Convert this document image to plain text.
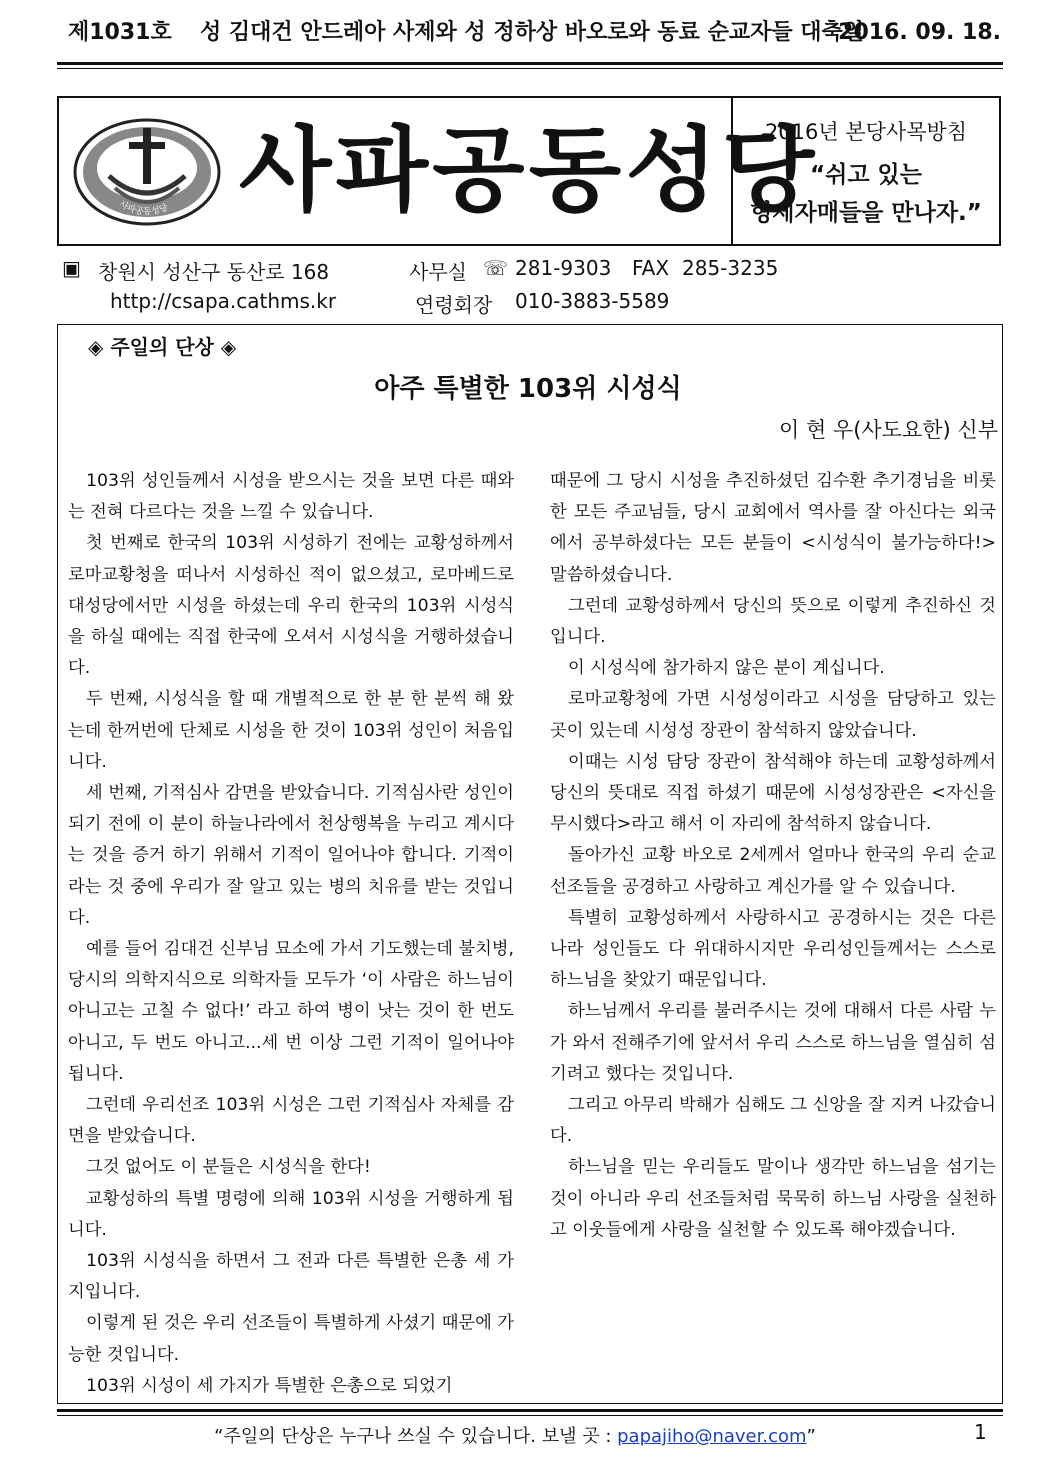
제1031호 성 김대건 안드레아 사제와 성 정하상 바오로와 동료 순교자들 대축일
2016. 09. 18.
사파공동성당 사파공동성당
2016년 본당사목방침
“쉬고 있는
형제자매들을 만나자.”
▣ 창원시 성산구 동산로 168	사무실 ☏ 281-9303 FAX 285-3235
http://csapa.cathms.kr	연령회장 010-3883-5589
◈ 주일의 단상 ◈
아주 특별한 103위 시성식
이 현 우(사도요한) 신부

103위 성인들께서 시성을 받으시는 것을 보면 다른 때와는 전혀 다르다는 것을 느낄 수 있습니다.

첫 번째로 한국의 103위 시성하기 전에는 교황성하께서 로마교황청을 떠나서 시성하신 적이 없으셨고, 로마베드로 대성당에서만 시성을 하셨는데 우리 한국의 103위 시성식을 하실 때에는 직접 한국에 오셔서 시성식을 거행하셨습니다.

두 번째, 시성식을 할 때 개별적으로 한 분 한 분씩 해 왔는데 한꺼번에 단체로 시성을 한 것이 103위 성인이 처음입니다.

세 번째, 기적심사 감면을 받았습니다. 기적심사란 성인이 되기 전에 이 분이 하늘나라에서 천상행복을 누리고 계시다는 것을 증거 하기 위해서 기적이 일어나야 합니다. 기적이라는 것 중에 우리가 잘 알고 있는 병의 치유를 받는 것입니다.

예를 들어 김대건 신부님 묘소에 가서 기도했는데 불치병, 당시의 의학지식으로 의학자들 모두가 ‘이 사람은 하느님이 아니고는 고칠 수 없다!’ 라고 하여 병이 낫는 것이 한 번도 아니고, 두 번도 아니고...세 번 이상 그런 기적이 일어나야 됩니다.

그런데 우리선조 103위 시성은 그런 기적심사 자체를 감면을 받았습니다.

그것 없어도 이 분들은 시성식을 한다!

교황성하의 특별 명령에 의해 103위 시성을 거행하게 됩니다.

103위 시성식을 하면서 그 전과 다른 특별한 은총 세 가지입니다.

이렇게 된 것은 우리 선조들이 특별하게 사셨기 때문에 가능한 것입니다.

103위 시성이 세 가지가 특별한 은총으로 되었기

때문에 그 당시 시성을 추진하셨던 김수환 추기경님을 비롯한 모든 주교님들, 당시 교회에서 역사를 잘 아신다는 외국에서 공부하셨다는 모든 분들이 <시성식이 불가능하다!> 말씀하셨습니다.

그런데 교황성하께서 당신의 뜻으로 이렇게 추진하신 것입니다.

이 시성식에 참가하지 않은 분이 계십니다.

로마교황청에 가면 시성성이라고 시성을 담당하고 있는 곳이 있는데 시성성 장관이 참석하지 않았습니다.

이때는 시성 담당 장관이 참석해야 하는데 교황성하께서 당신의 뜻대로 직접 하셨기 때문에 시성성장관은 <자신을 무시했다>라고 해서 이 자리에 참석하지 않습니다.

돌아가신 교황 바오로 2세께서 얼마나 한국의 우리 순교선조들을 공경하고 사랑하고 계신가를 알 수 있습니다.

특별히 교황성하께서 사랑하시고 공경하시는 것은 다른 나라 성인들도 다 위대하시지만 우리성인들께서는 스스로 하느님을 찾았기 때문입니다.

하느님께서 우리를 불러주시는 것에 대해서 다른 사람 누가 와서 전해주기에 앞서서 우리 스스로 하느님을 열심히 섬기려고 했다는 것입니다.

그리고 아무리 박해가 심해도 그 신앙을 잘 지켜 나갔습니다.

하느님을 믿는 우리들도 말이나 생각만 하느님을 섬기는 것이 아니라 우리 선조들처럼 묵묵히 하느님 사랑을 실천하고 이웃들에게 사랑을 실천할 수 있도록 해야겠습니다.

“주일의 단상은 누구나 쓰실 수 있습니다. 보낼 곳 : papajiho@naver.com”	1
